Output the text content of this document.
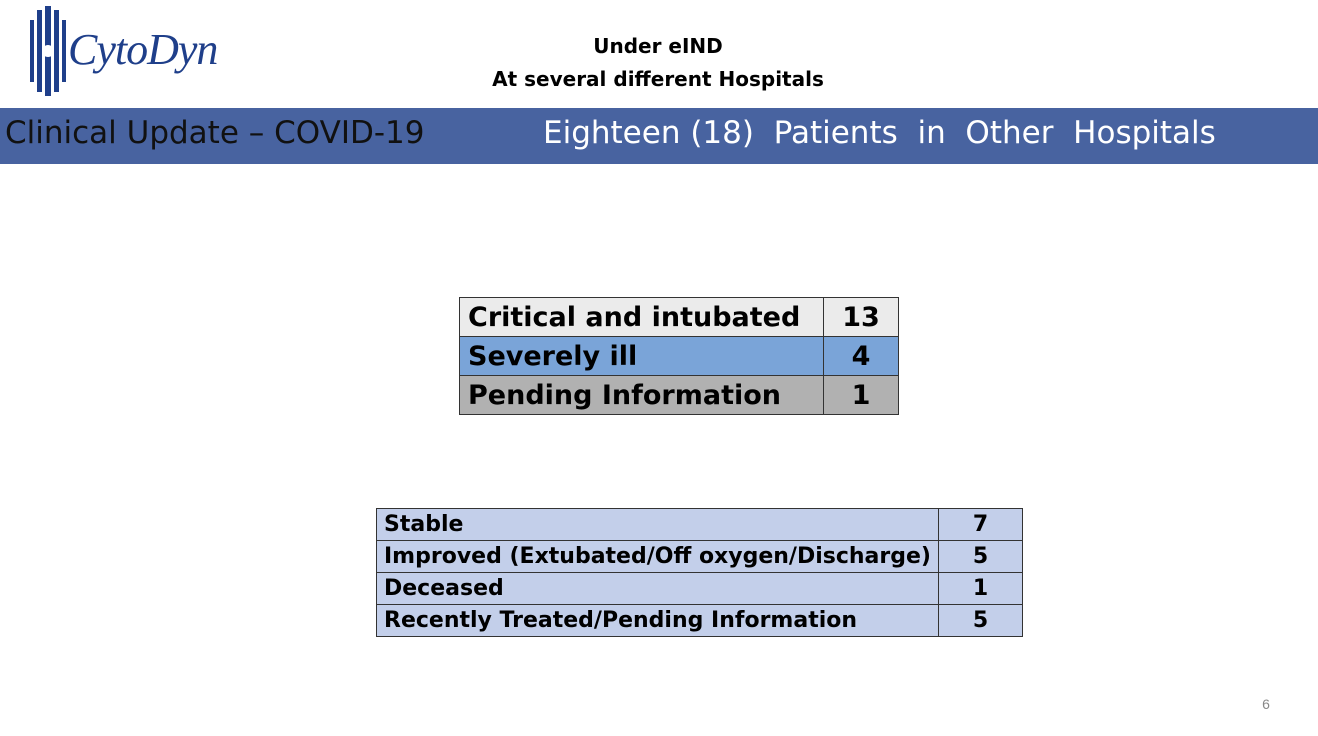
CytoDyn	Under eIND
At several different Hospitals
Clinical Update – COVID-19	Eighteen (18)  Patients  in  Other  Hospitals
Critical and intubated	13
Severely ill	4
Pending Information	1
Stable	7
Improved (Extubated/Off oxygen/Discharge)	5
Deceased	1
Recently Treated/Pending Information	5
6
